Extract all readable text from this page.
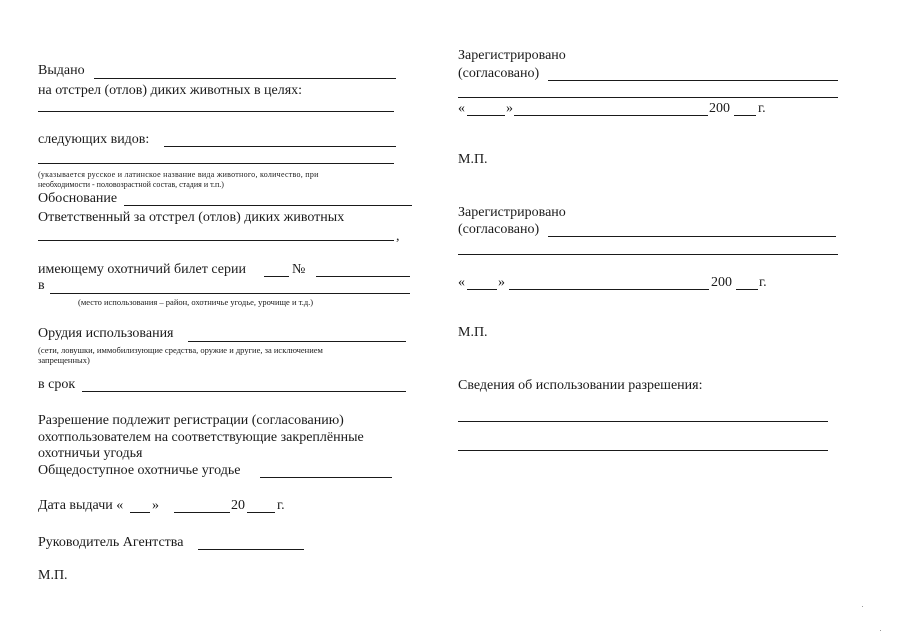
Выдано
на отстрел (отлов) диких животных в целях:
следующих видов:
(указывается русское и латинское название вида животного, количество, при
необходимости - половозрастной состав, стадия и т.п.)
Обоснование
Ответственный за отстрел (отлов) диких животных
,
имеющему охотничий билет серии	№
в
(место использования – район, охотничье угодье, урочище и т.д.)
Орудия использования
(сети, ловушки, иммобилизующие средства, оружие и другие, за исключением
запрещенных)
в срок
Разрешение подлежит регистрации (согласованию)
охотпользователем на соответствующие закреплённые
охотничьи угодья
Общедоступное охотничье угодье
Дата выдачи « »	20 г.
Руководитель Агентства
М.П.
Зарегистрировано
(согласовано)
«	»	200 г.
М.П.
Зарегистрировано
(согласовано)
« »	200 г.
М.П.
Сведения об использовании разрешения:
